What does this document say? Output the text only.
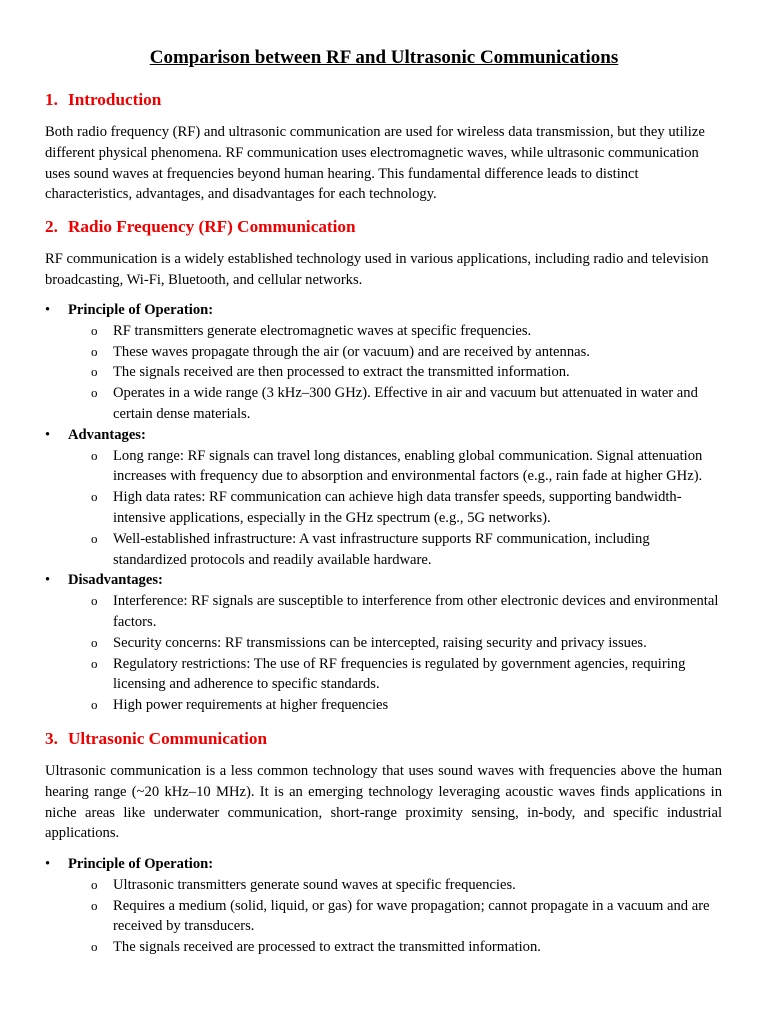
Comparison between RF and Ultrasonic Communications
1. Introduction

Both radio frequency (RF) and ultrasonic communication are used for wireless data transmission, but they utilize different physical phenomena. RF communication uses electromagnetic waves, while ultrasonic communication uses sound waves at frequencies beyond human hearing. This fundamental difference leads to distinct characteristics, advantages, and disadvantages for each technology.

2. Radio Frequency (RF) Communication

RF communication is a widely established technology used in various applications, including radio and television broadcasting, Wi-Fi, Bluetooth, and cellular networks.

• Principle of Operation:
o RF transmitters generate electromagnetic waves at specific frequencies.
o These waves propagate through the air (or vacuum) and are received by antennas.
o The signals received are then processed to extract the transmitted information.
o Operates in a wide range (3 kHz–300 GHz). Effective in air and vacuum but attenuated in water and certain dense materials.
• Advantages:
o Long range: RF signals can travel long distances, enabling global communication. Signal attenuation increases with frequency due to absorption and environmental factors (e.g., rain fade at higher GHz).
o High data rates: RF communication can achieve high data transfer speeds, supporting bandwidth-intensive applications, especially in the GHz spectrum (e.g., 5G networks).
o Well-established infrastructure: A vast infrastructure supports RF communication, including standardized protocols and readily available hardware.
• Disadvantages:
o Interference: RF signals are susceptible to interference from other electronic devices and environmental factors.
o Security concerns: RF transmissions can be intercepted, raising security and privacy issues.
o Regulatory restrictions: The use of RF frequencies is regulated by government agencies, requiring licensing and adherence to specific standards.
o High power requirements at higher frequencies
3. Ultrasonic Communication

Ultrasonic communication is a less common technology that uses sound waves with frequencies above the human hearing range (~20 kHz–10 MHz). It is an emerging technology leveraging acoustic waves finds applications in niche areas like underwater communication, short-range proximity sensing, in-body, and specific industrial applications.

• Principle of Operation:
o Ultrasonic transmitters generate sound waves at specific frequencies.
o Requires a medium (solid, liquid, or gas) for wave propagation; cannot propagate in a vacuum and are received by transducers.
o The signals received are processed to extract the transmitted information.
